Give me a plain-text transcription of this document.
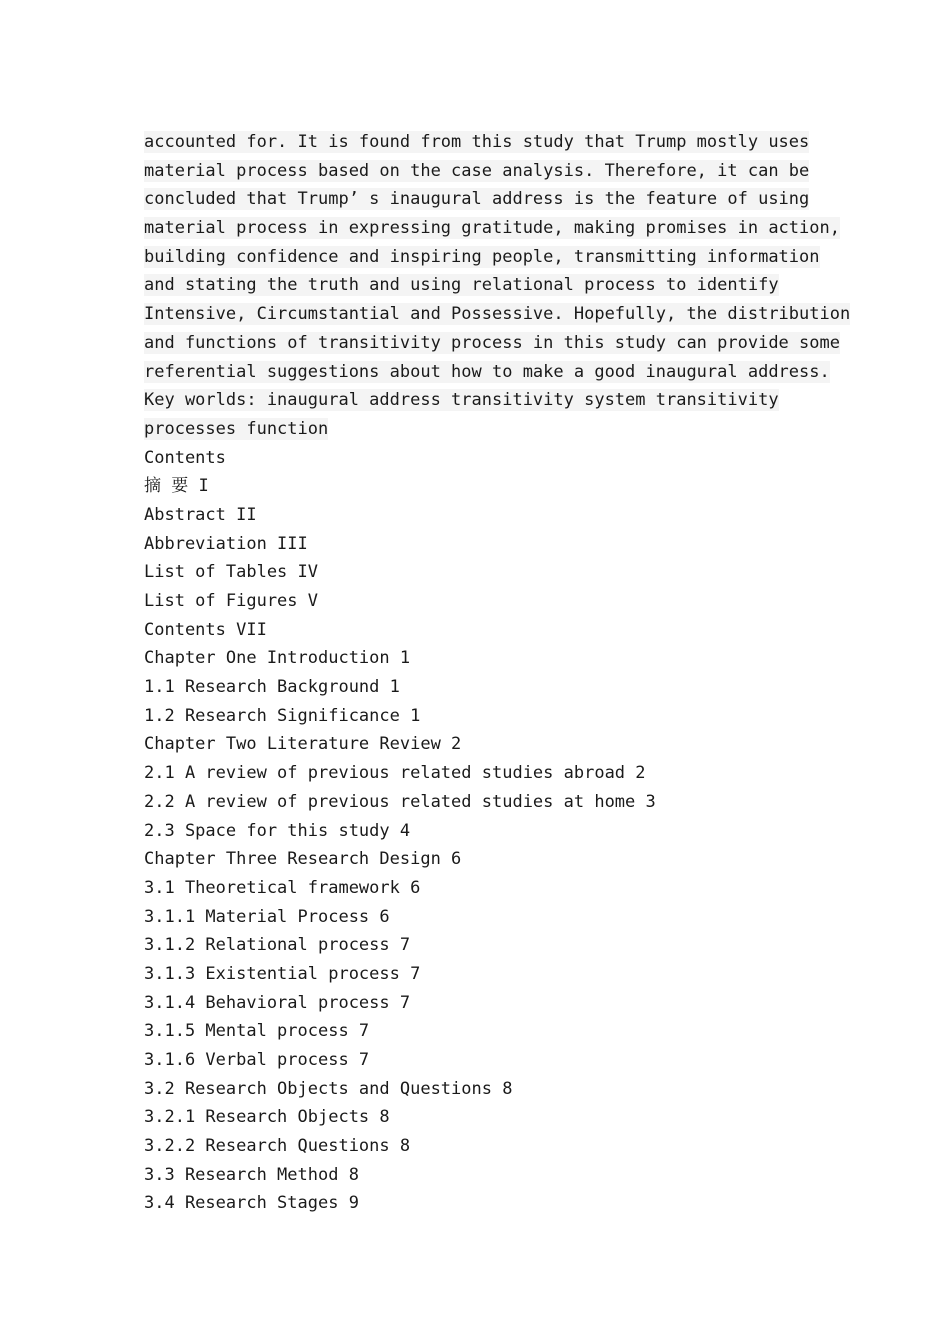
accounted for. It is found from this study that Trump mostly uses
material process based on the case analysis. Therefore, it can be
concluded that Trump’ s inaugural address is the feature of using
material process in expressing gratitude, making promises in action,
building confidence and inspiring people, transmitting information
and stating the truth and using relational process to identify
Intensive, Circumstantial and Possessive. Hopefully, the distribution
and functions of transitivity process in this study can provide some
referential suggestions about how to make a good inaugural address.
Key worlds: inaugural address transitivity system transitivity
processes function
Contents
摘 要 I
Abstract II
Abbreviation III
List of Tables IV
List of Figures V
Contents VII
Chapter One Introduction 1
1.1 Research Background 1
1.2 Research Significance 1
Chapter Two Literature Review 2
2.1 A review of previous related studies abroad 2
2.2 A review of previous related studies at home 3
2.3 Space for this study 4
Chapter Three Research Design 6
3.1 Theoretical framework 6
3.1.1 Material Process 6
3.1.2 Relational process 7
3.1.3 Existential process 7
3.1.4 Behavioral process 7
3.1.5 Mental process 7
3.1.6 Verbal process 7
3.2 Research Objects and Questions 8
3.2.1 Research Objects 8
3.2.2 Research Questions 8
3.3 Research Method 8
3.4 Research Stages 9
